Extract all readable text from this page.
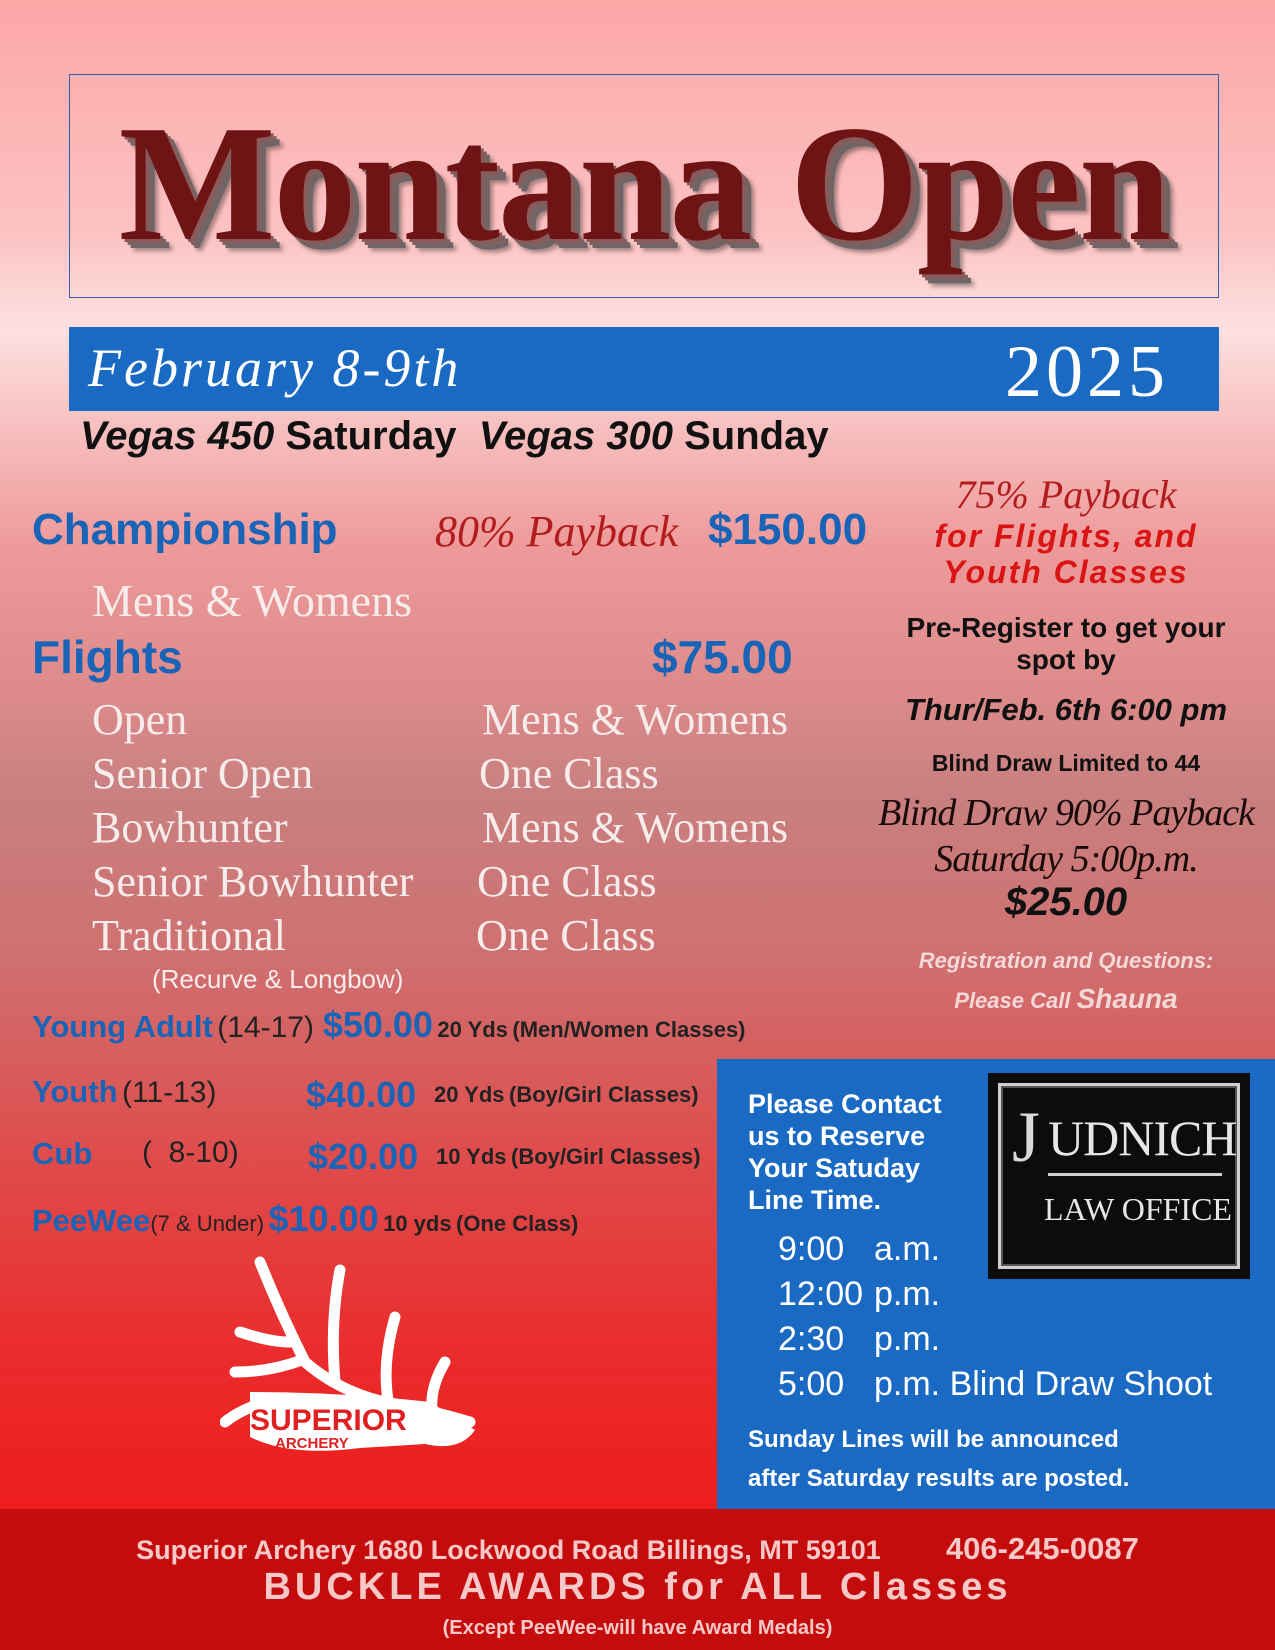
Montana Open
February 8-9th	2025
Vegas 450 Saturday Vegas 300 Sunday
Championship 80% Payback $150.00
Mens & Womens
Flights	$75.00
Open	Mens & Womens
Senior Open	One Class
Bowhunter	Mens & Womens
Senior Bowhunter One Class
Traditional	One Class
(Recurve & Longbow)
Young Adult (14-17) $50.00 20 Yds (Men/Women Classes)
Youth (11-13) $40.00 20 Yds (Boy/Girl Classes)
Cub (  8-10) $20.00 10 Yds (Boy/Girl Classes)
PeeWee(7 & Under) $10.00 10 yds (One Class)
75% Payback
for Flights, and
Youth Classes
Pre-Register to get your
spot by
Thur/Feb. 6th 6:00 pm
Blind Draw Limited to 44
Blind Draw 90% Payback
Saturday 5:00p.m.
$25.00
Registration and Questions:
Please Call Shauna
SUPERIOR
ARCHERY
Please Contact
us to Reserve
Your Satuday
Line Time.
9:00 a.m.
12:00 p.m.
2:30 p.m.
5:00 p.m. Blind Draw Shoot
Sunday Lines will be announced
after Saturday results are posted.
J UDNICH
LAW OFFICE
Superior Archery 1680 Lockwood Road Billings, MT 59101 406-245-0087
BUCKLE AWARDS for ALL Classes
(Except PeeWee-will have Award Medals)
